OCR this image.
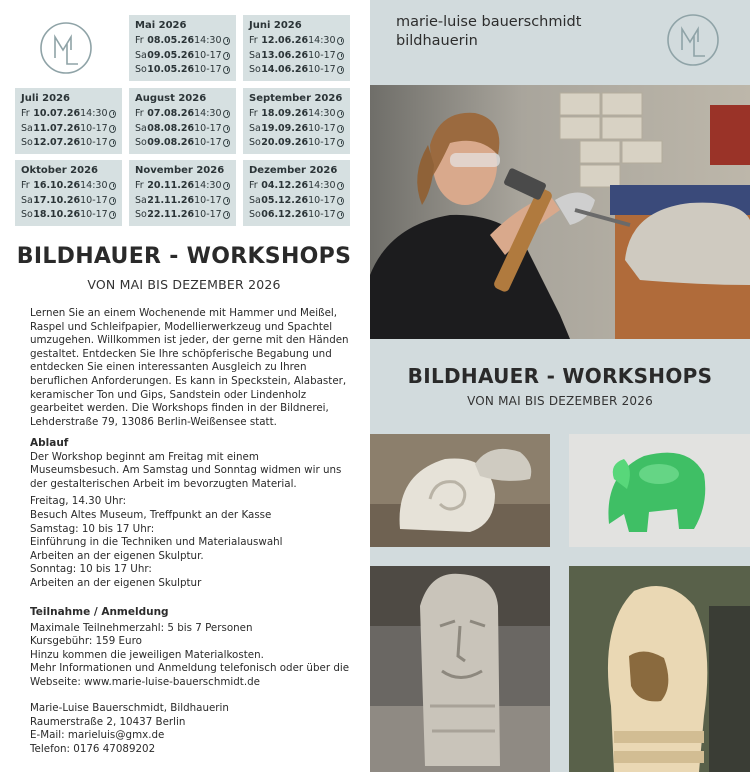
Mai 2026
Fr 08.05.26 14:30
Sa 09.05.26 10-17
So 10.05.26 10-17
Juni 2026
Fr 12.06.26 14:30
Sa 13.06.26 10-17
So 14.06.26 10-17
Juli 2026
Fr 10.07.26 14:30
Sa 11.07.26 10-17
So 12.07.26 10-17
August 2026
Fr 07.08.26 14:30
Sa 08.08.26 10-17
So 09.08.26 10-17
September 2026
Fr 18.09.26 14:30
Sa 19.09.26 10-17
So 20.09.26 10-17
Oktober 2026
Fr 16.10.26 14:30
Sa 17.10.26 10-17
So 18.10.26 10-17
November 2026
Fr 20.11.26 14:30
Sa 21.11.26 10-17
So 22.11.26 10-17
Dezember 2026
Fr 04.12.26 14:30
Sa 05.12.26 10-17
So 06.12.26 10-17
BILDHAUER - WORKSHOPS
VON MAI BIS DEZEMBER 2026

Lernen Sie an einem Wochenende mit Hammer und Meißel, Raspel und Schleifpapier, Modellierwerkzeug und Spachtel umzugehen. Willkommen ist jeder, der gerne mit den Händen gestaltet. Entdecken Sie Ihre schöpferische Begabung und entdecken Sie einen interessanten Ausgleich zu Ihren beruflichen Anforderungen. Es kann in Speckstein, Alabaster, keramischer Ton und Gips, Sandstein oder Lindenholz gearbeitet werden. Die Workshops finden in der Bildnerei, Lehderstraße 79, 13086 Berlin-Weißensee statt.

Ablauf

Der Workshop beginnt am Freitag mit einem Museumsbesuch. Am Samstag und Sonntag widmen wir uns der gestalterischen Arbeit im bevorzugten Material.

Freitag, 14.30 Uhr:

Besuch Altes Museum, Treffpunkt an der Kasse

Samstag: 10 bis 17 Uhr:

Einführung in die Techniken und Materialauswahl

Arbeiten an der eigenen Skulptur.

Sonntag: 10 bis 17 Uhr:

Arbeiten an der eigenen Skulptur

Teilnahme / Anmeldung

Maximale Teilnehmerzahl: 5 bis 7 Personen

Kursgebühr: 159 Euro

Hinzu kommen die jeweiligen Materialkosten.

Mehr Informationen und Anmeldung telefonisch oder über die

Webseite: www.marie-luise-bauerschmidt.de

Marie-Luise Bauerschmidt, Bildhauerin

Raumerstraße 2, 10437 Berlin

E-Mail: marieluis@gmx.de

Telefon: 0176 47089202

marie-luise bauerschmidt
bildhauerin
BILDHAUER - WORKSHOPS
VON MAI BIS DEZEMBER 2026
